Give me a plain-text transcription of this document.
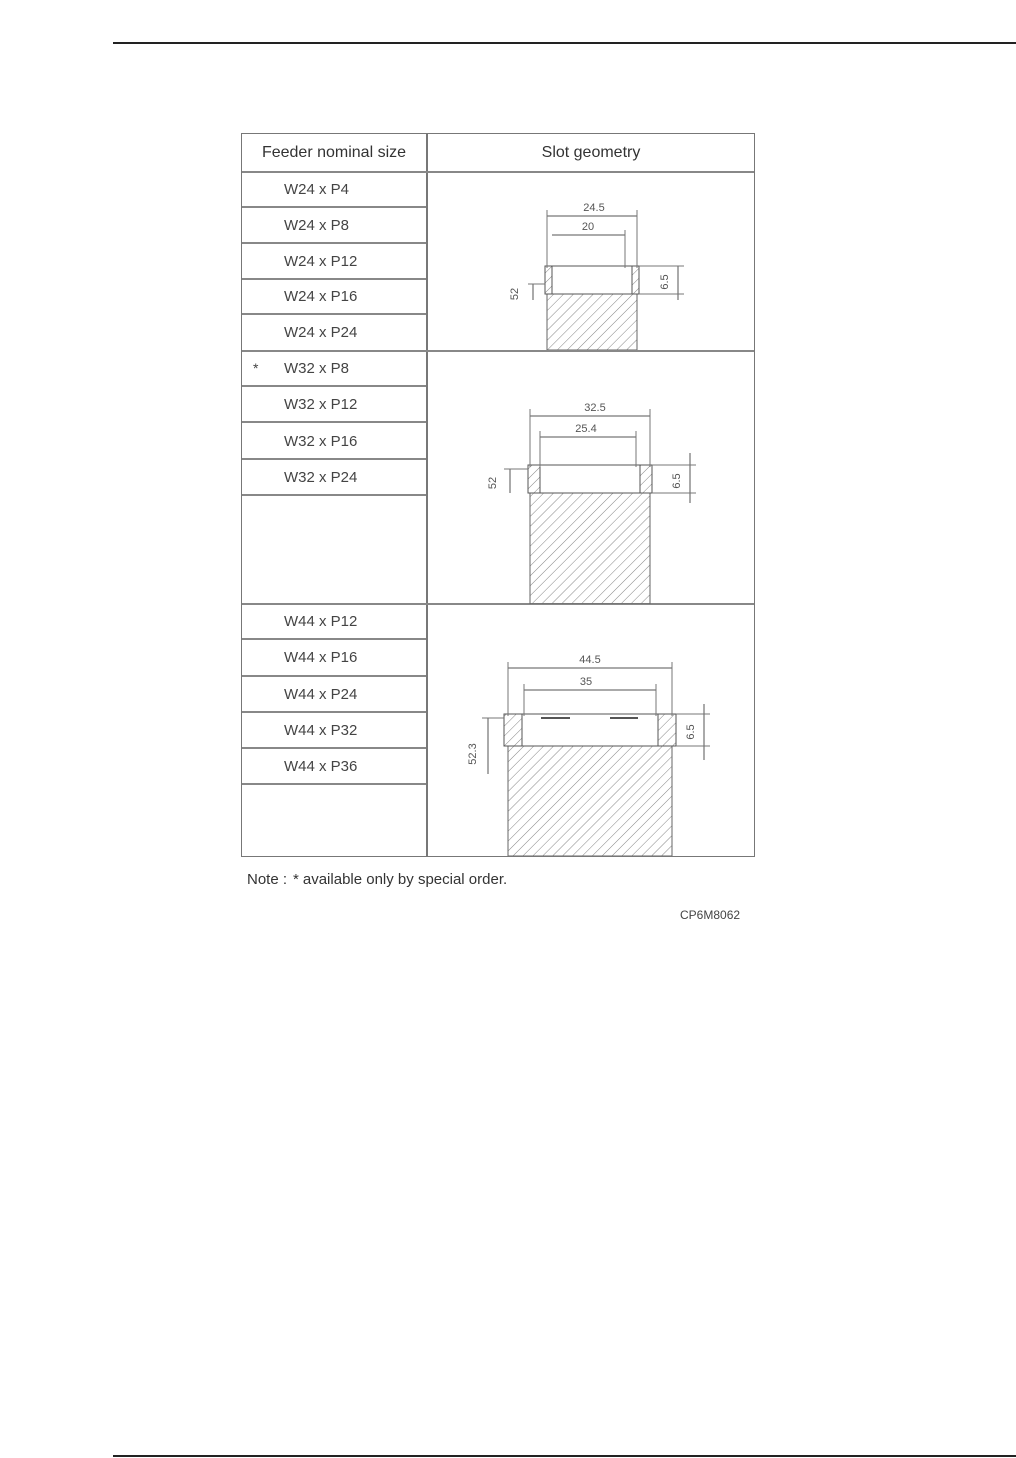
Feeder nominal size	Slot geometry
W24 x P4
W24 x P8
W24 x P12
W24 x P16
W24 x P24
* W32 x P8
W32 x P12
W32 x P16
W32 x P24
W44 x P12
W44 x P16
W44 x P24
W44 x P32
W44 x P36
24.5
20
52
6.5
32.5
25.4
52	6.5
44.5
35
52.3
6.5
Note : * available only by special order.
CP6M8062
